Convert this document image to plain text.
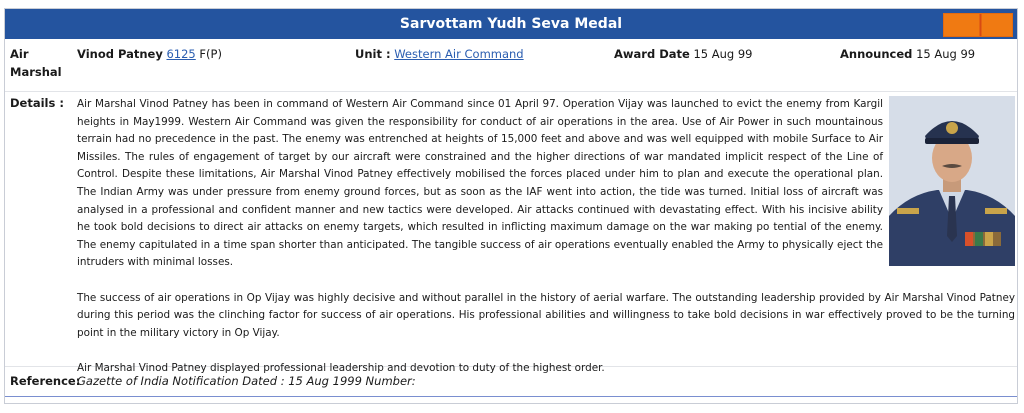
Sarvottam Yudh Seva Medal
Air Marshal
Vinod Patney 6125 F(P)	Unit : Western Air Command	Award Date 15 Aug 99	Announced 15 Aug 99
Details : Air Marshal Vinod Patney has been in command of Western Air Command since 01 April 97. Operation Vijay was launched to evict the enemy from Kargil heights in May1999. Western Air Command was given the responsibility for conduct of air operations in the area. Use of Air Power in such mountainous terrain had no precedence in the past. The enemy was entrenched at heights of 15,000 feet and above and was well equipped with mobile Surface to Air Missiles. The rules of engagement of target by our aircraft were constrained and the higher directions of war mandated implicit respect of the Line of Control. Despite these limitations, Air Marshal Vinod Patney effectively mobilised the forces placed under him to plan and execute the operational plan. The Indian Army was under pressure from enemy ground forces, but as soon as the IAF went into action, the tide was turned. Initial loss of aircraft was analysed in a professional and confident manner and new tactics were developed. Air attacks continued with devastating effect. With his incisive ability he took bold decisions to direct air attacks on enemy targets, which resulted in inflicting maximum damage on the war making po tential of the enemy. The enemy capitulated in a time span shorter than anticipated. The tangible success of air operations eventually enabled the Army to physically eject the intruders with minimal losses.

The success of air operations in Op Vijay was highly decisive and without parallel in the history of aerial warfare. The outstanding leadership provided by Air Marshal Vinod Patney during this period was the clinching factor for success of air operations. His professional abilities and willingness to take bold decisions in war effectively proved to be the turning point in the military victory in Op Vijay.

Air Marshal Vinod Patney displayed professional leadership and devotion to duty of the highest order.

Reference:
Gazette of India Notification Dated : 15 Aug 1999 Number:
